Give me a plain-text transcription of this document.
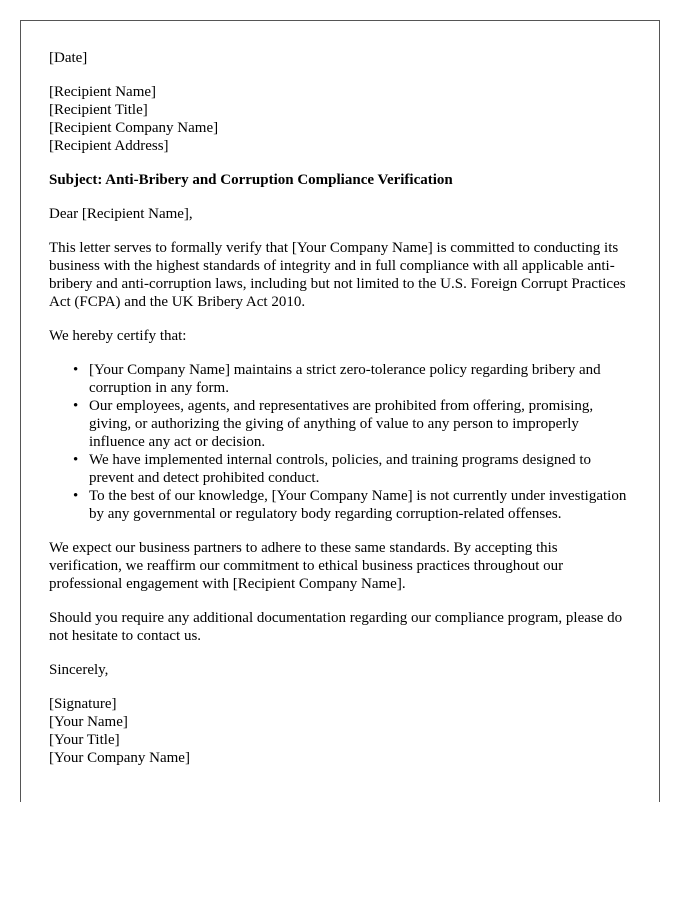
[Date]

[Recipient Name]
[Recipient Title]
[Recipient Company Name]
[Recipient Address]

Subject: Anti-Bribery and Corruption Compliance Verification

Dear [Recipient Name],

This letter serves to formally verify that [Your Company Name] is committed to conducting its business with the highest standards of integrity and in full compliance with all applicable anti-bribery and anti-corruption laws, including but not limited to the U.S. Foreign Corrupt Practices Act (FCPA) and the UK Bribery Act 2010.

We hereby certify that:

• [Your Company Name] maintains a strict zero-tolerance policy regarding bribery and corruption in any form.
• Our employees, agents, and representatives are prohibited from offering, promising, giving, or authorizing the giving of anything of value to any person to improperly influence any act or decision.
• We have implemented internal controls, policies, and training programs designed to prevent and detect prohibited conduct.
• To the best of our knowledge, [Your Company Name] is not currently under investigation by any governmental or regulatory body regarding corruption-related offenses.

We expect our business partners to adhere to these same standards. By accepting this verification, we reaffirm our commitment to ethical business practices throughout our professional engagement with [Recipient Company Name].

Should you require any additional documentation regarding our compliance program, please do not hesitate to contact us.

Sincerely,

[Signature]
[Your Name]
[Your Title]
[Your Company Name]
